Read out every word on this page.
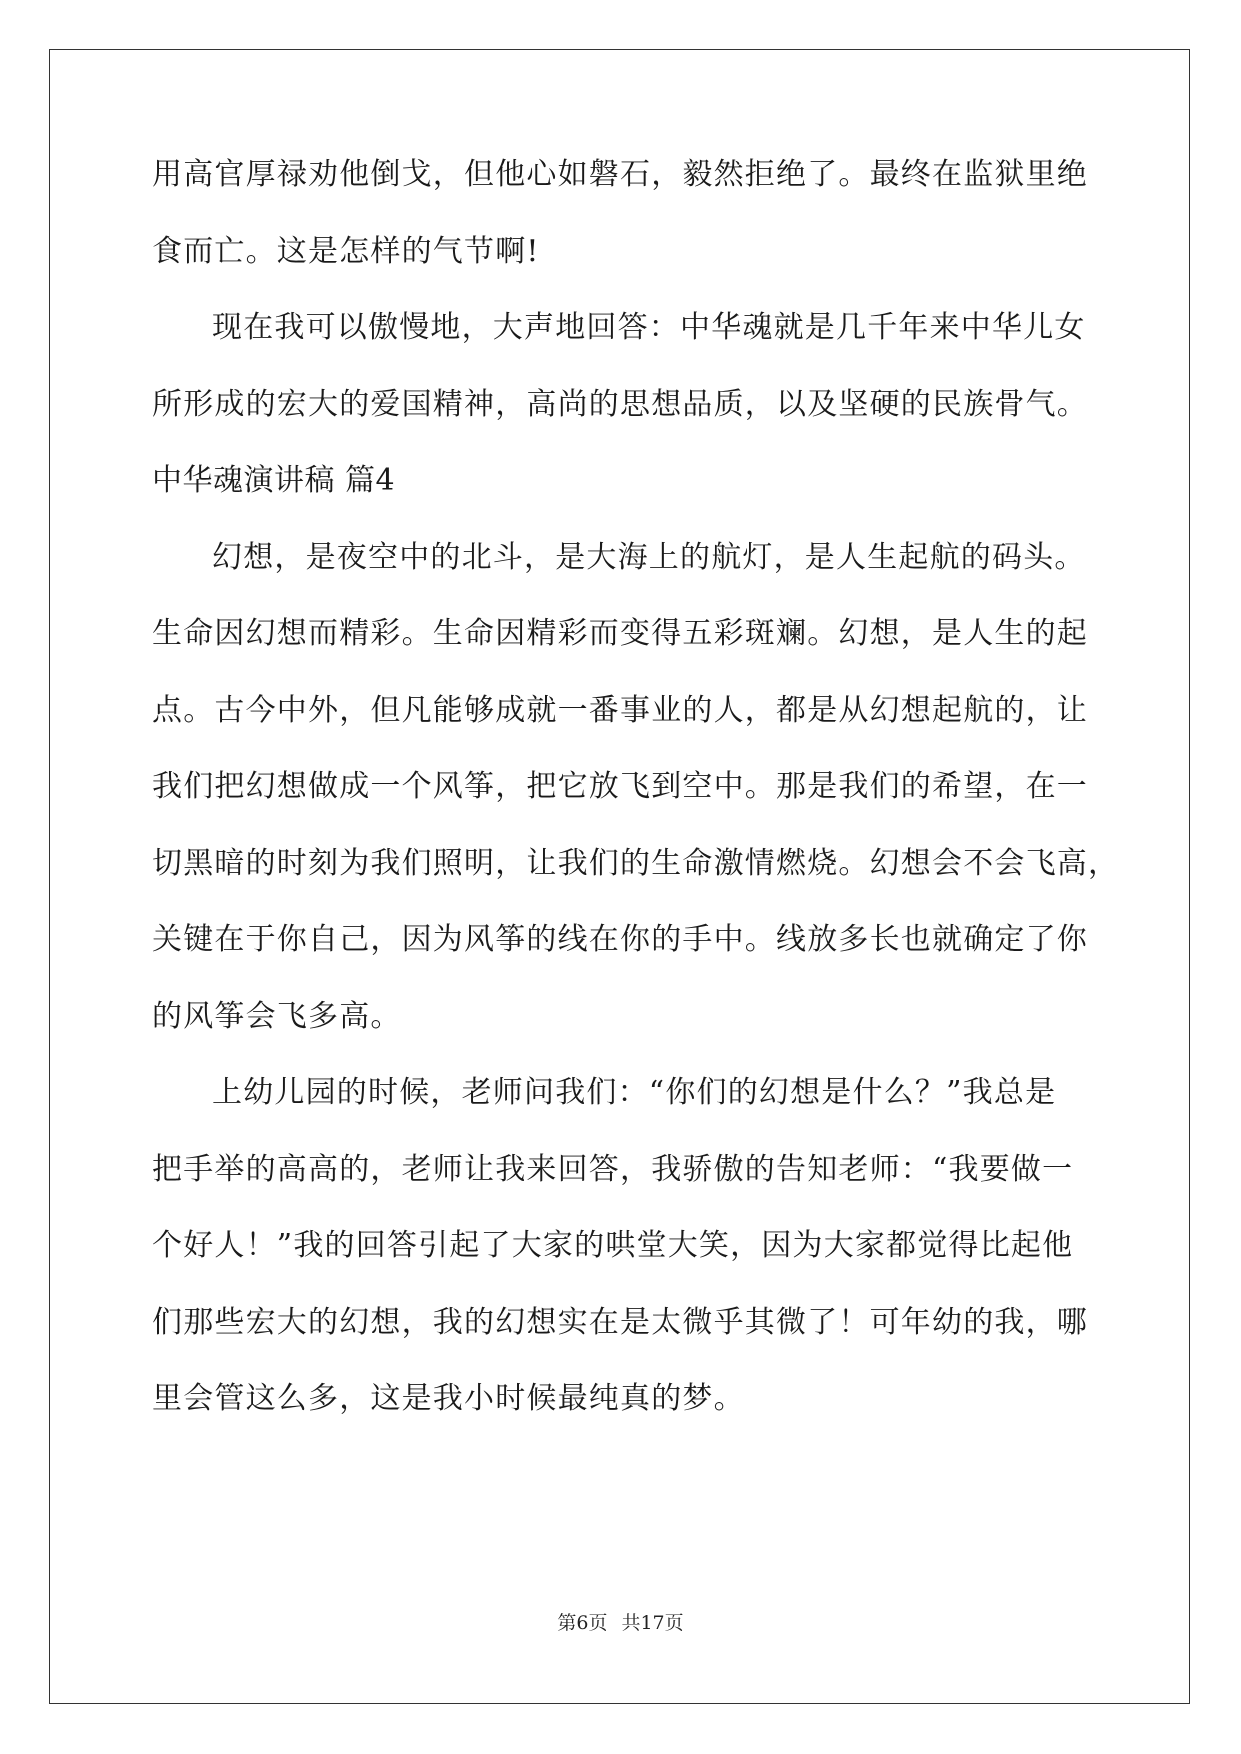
用高官厚禄劝他倒戈，但他心如磐石，毅然拒绝了。最终在监狱里绝
食而亡。这是怎样的气节啊!
现在我可以傲慢地，大声地回答：中华魂就是几千年来中华儿女
所形成的宏大的爱国精神，高尚的思想品质，以及坚硬的民族骨气。
中华魂演讲稿 篇4
幻想，是夜空中的北斗，是大海上的航灯，是人生起航的码头。
生命因幻想而精彩。生命因精彩而变得五彩斑斓。幻想，是人生的起
点。古今中外，但凡能够成就一番事业的人，都是从幻想起航的，让
我们把幻想做成一个风筝，把它放飞到空中。那是我们的希望，在一
切黑暗的时刻为我们照明，让我们的生命激情燃烧。幻想会不会飞高，
关键在于你自己，因为风筝的线在你的手中。线放多长也就确定了你
的风筝会飞多高。
上幼儿园的时候，老师问我们：“你们的幻想是什么？”我总是
把手举的高高的，老师让我来回答，我骄傲的告知老师：“我要做一
个好人！”我的回答引起了大家的哄堂大笑，因为大家都觉得比起他
们那些宏大的幻想，我的幻想实在是太微乎其微了！可年幼的我，哪
里会管这么多，这是我小时候最纯真的梦。
第6页 共17页
